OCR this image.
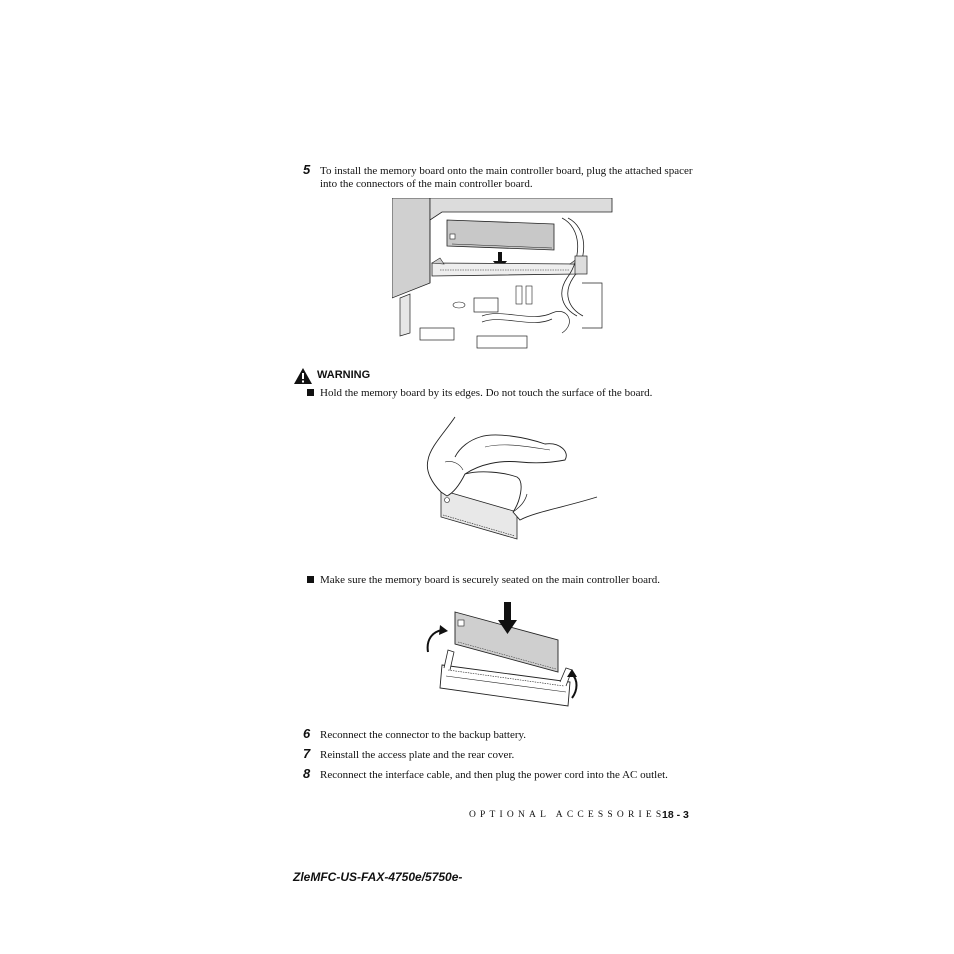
5 To install the memory board onto the main controller board, plug the attached spacer into the connectors of the main controller board.
WARNING
Hold the memory board by its edges. Do not touch the surface of the board.
Make sure the memory board is securely seated on the main controller board.
6 Reconnect the connector to the backup battery.
7 Reinstall the access plate and the rear cover.
8 Reconnect the interface cable, and then plug the power cord into the AC outlet.
OPTIONAL ACCESSORIES
18 - 3
ZleMFC-US-FAX-4750e/5750e-
